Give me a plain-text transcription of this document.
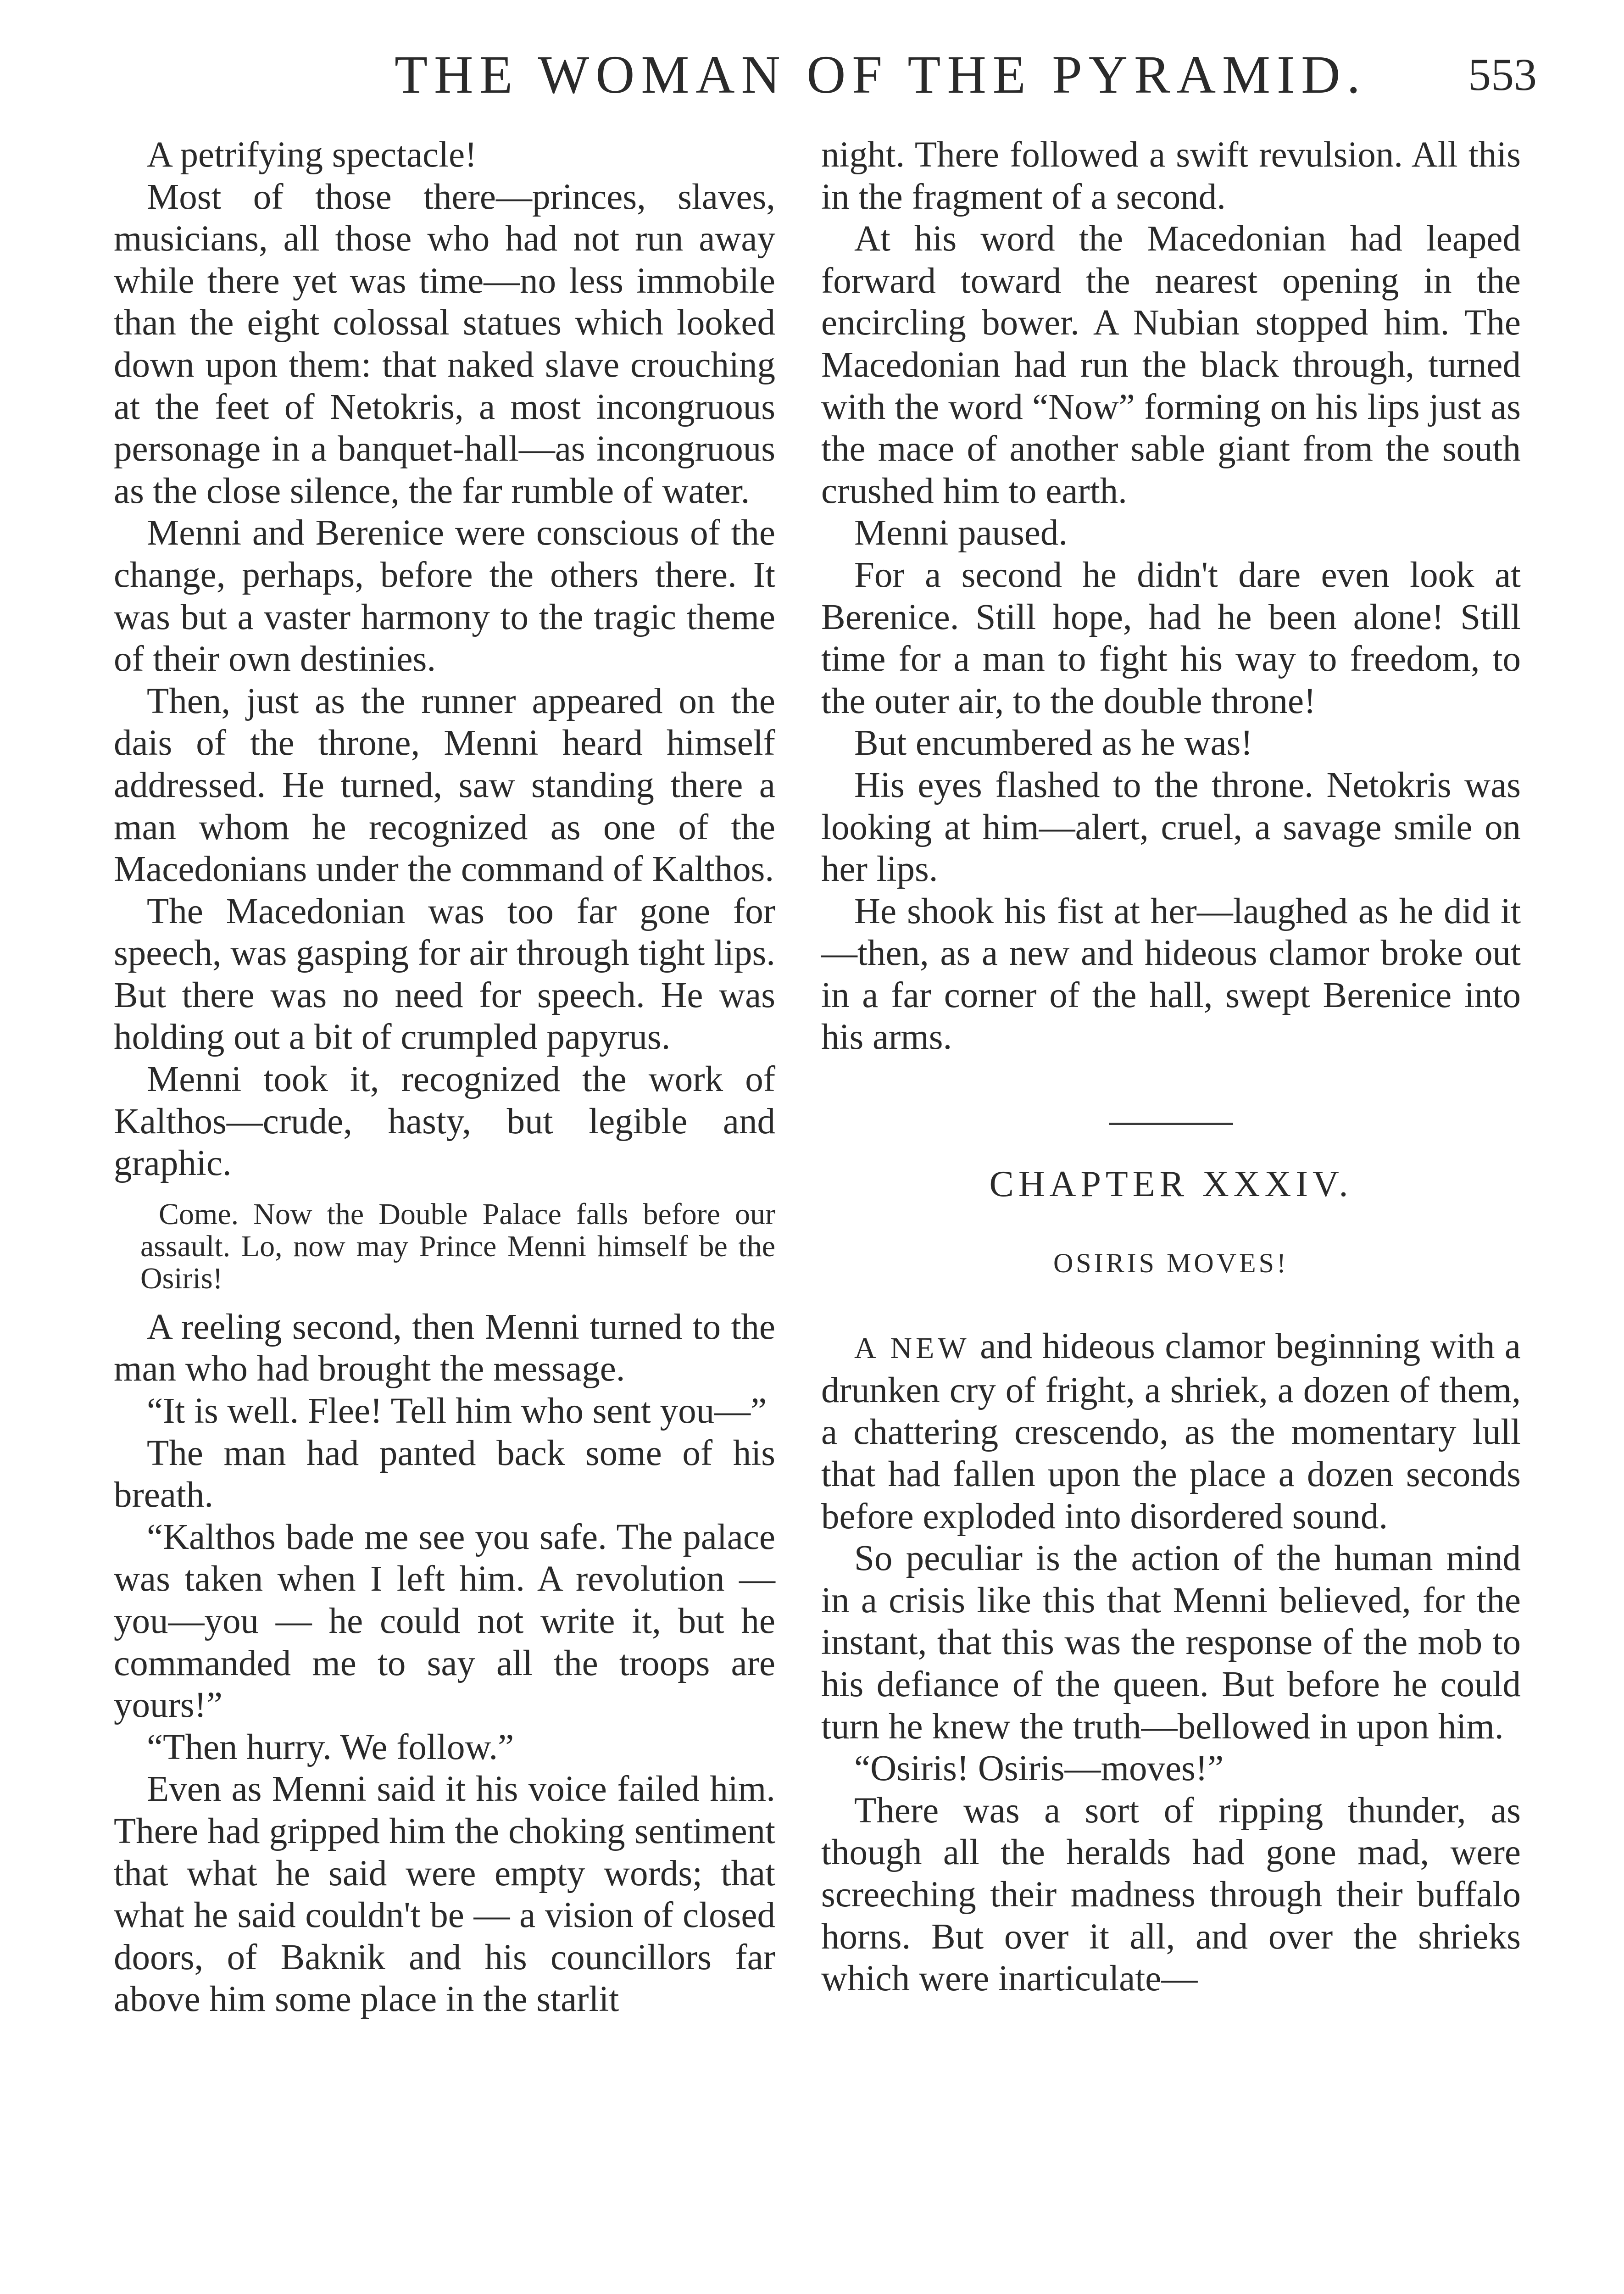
THE WOMAN OF THE PYRAMID. 553

A petrifying spectacle!

Most of those there—princes, slaves, musicians, all those who had not run away while there yet was time—no less immobile than the eight colossal statues which looked down upon them: that naked slave crouching at the feet of Netokris, a most incongruous personage in a banquet-hall—as incongruous as the close silence, the far rumble of water.

Menni and Berenice were conscious of the change, perhaps, before the others there. It was but a vaster harmony to the tragic theme of their own destinies.

Then, just as the runner appeared on the dais of the throne, Menni heard himself addressed. He turned, saw standing there a man whom he recognized as one of the Macedonians under the command of Kalthos.

The Macedonian was too far gone for speech, was gasping for air through tight lips. But there was no need for speech. He was holding out a bit of crumpled papyrus.

Menni took it, recognized the work of Kalthos—crude, hasty, but legible and graphic.

Come. Now the Double Palace falls before our assault. Lo, now may Prince Menni himself be the Osiris!

A reeling second, then Menni turned to the man who had brought the message.

“It is well. Flee! Tell him who sent you—”

The man had panted back some of his breath.

“Kalthos bade me see you safe. The palace was taken when I left him. A revolution — you—you — he could not write it, but he commanded me to say all the troops are yours!”

“Then hurry. We follow.”

Even as Menni said it his voice failed him. There had gripped him the choking sentiment that what he said were empty words; that what he said couldn't be — a vision of closed doors, of Baknik and his councillors far above him some place in the starlit

night. There followed a swift revulsion. All this in the fragment of a second.

At his word the Macedonian had leaped forward toward the nearest opening in the encircling bower. A Nubian stopped him. The Macedonian had run the black through, turned with the word “Now” forming on his lips just as the mace of another sable giant from the south crushed him to earth.

Menni paused.

For a second he didn't dare even look at Berenice. Still hope, had he been alone! Still time for a man to fight his way to freedom, to the outer air, to the double throne!

But encumbered as he was!

His eyes flashed to the throne. Netokris was looking at him—alert, cruel, a savage smile on her lips.

He shook his fist at her—laughed as he did it—then, as a new and hideous clamor broke out in a far corner of the hall, swept Berenice into his arms.

CHAPTER XXXIV.
OSIRIS MOVES!

A NEW and hideous clamor beginning with a drunken cry of fright, a shriek, a dozen of them, a chattering crescendo, as the momentary lull that had fallen upon the place a dozen seconds before exploded into disordered sound.

So peculiar is the action of the human mind in a crisis like this that Menni believed, for the instant, that this was the response of the mob to his defiance of the queen. But before he could turn he knew the truth—bellowed in upon him.

“Osiris! Osiris—moves!”

There was a sort of ripping thunder, as though all the heralds had gone mad, were screeching their madness through their buffalo horns. But over it all, and over the shrieks which were inarticulate—
